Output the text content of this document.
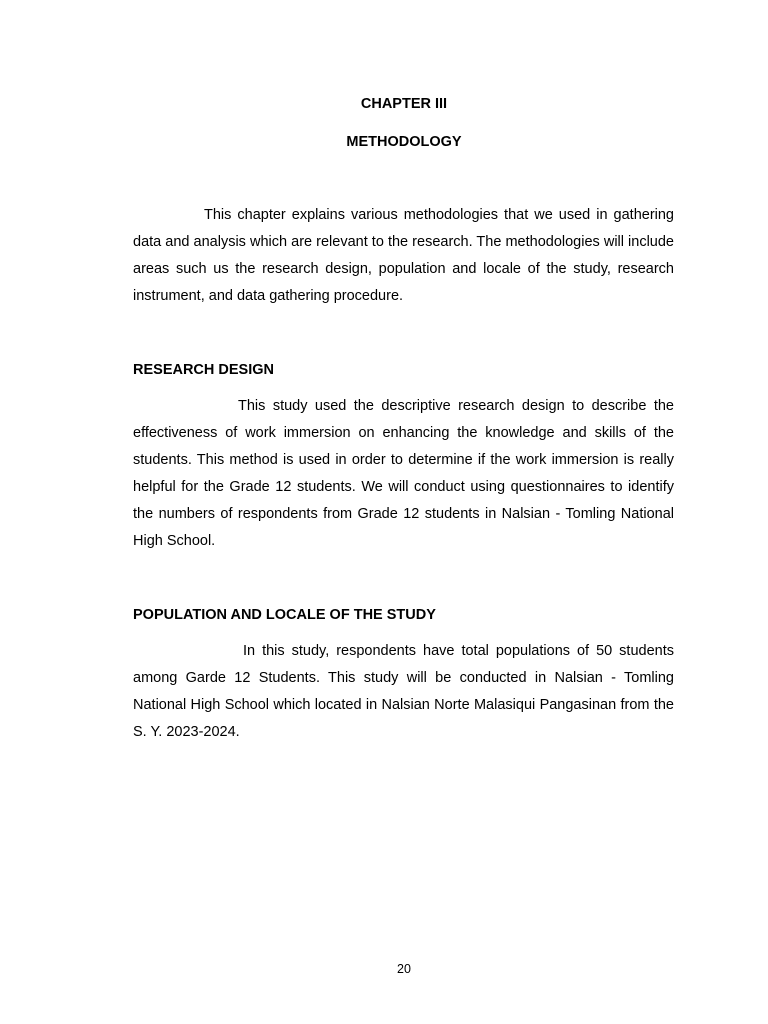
CHAPTER III
METHODOLOGY

This chapter explains various methodologies that we used in gathering data and analysis which are relevant to the research. The methodologies will include areas such us the research design, population and locale of the study, research instrument, and data gathering procedure.

RESEARCH DESIGN

This study used the descriptive research design to describe the effectiveness of work immersion on enhancing the knowledge and skills of the students. This method is used in order to determine if the work immersion is really helpful for the Grade 12 students. We will conduct using questionnaires to identify the numbers of respondents from Grade 12 students in Nalsian - Tomling National High School.

POPULATION AND LOCALE OF THE STUDY

In this study, respondents have total populations of 50 students among Garde 12 Students. This study will be conducted in Nalsian - Tomling National High School which located in Nalsian Norte Malasiqui Pangasinan from the S. Y. 2023-2024.

20
